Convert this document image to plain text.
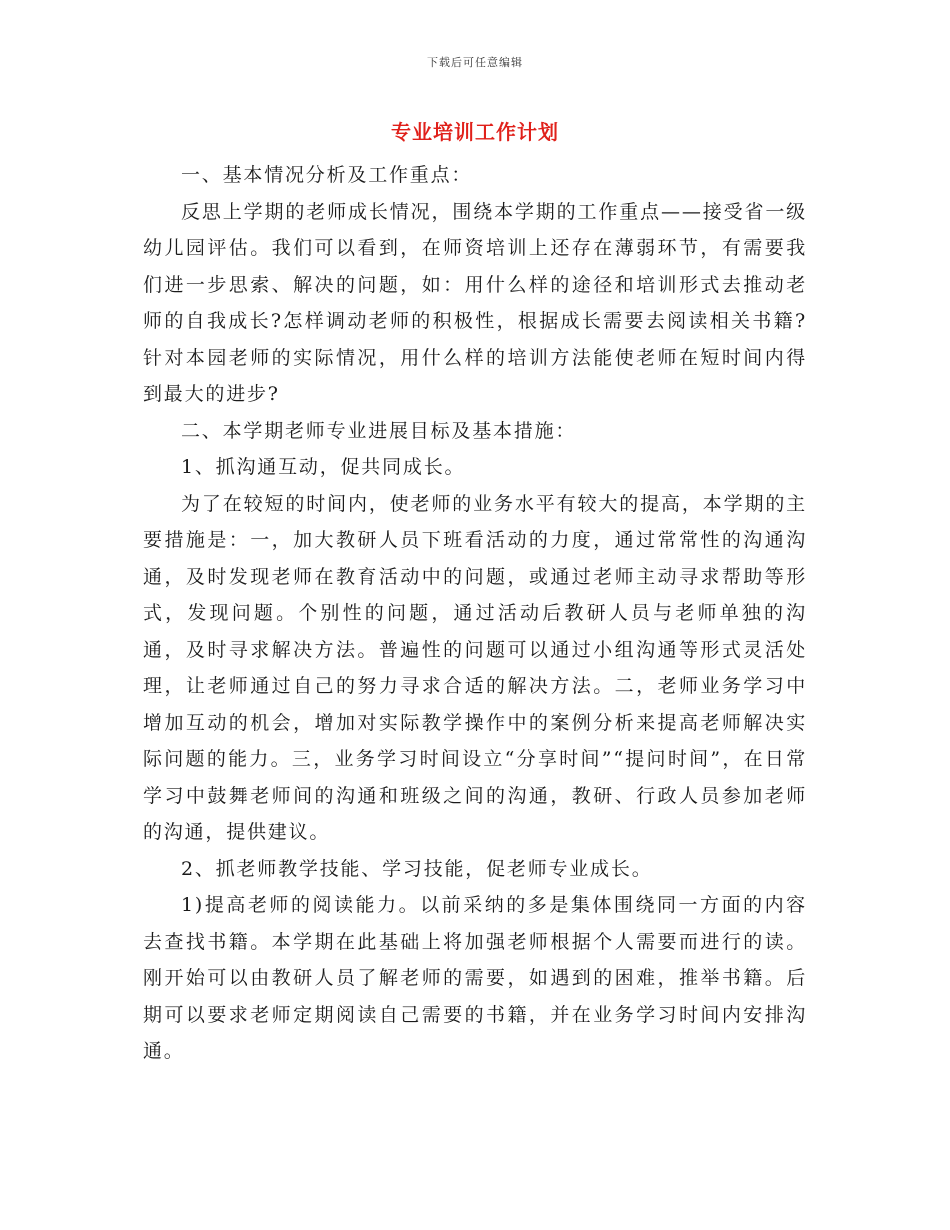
下载后可任意编辑
专业培训工作计划

一、基本情况分析及工作重点：

反思上学期的老师成长情况，围绕本学期的工作重点——接受省一级幼儿园评估。我们可以看到，在师资培训上还存在薄弱环节，有需要我们进一步思索、解决的问题，如：用什么样的途径和培训形式去推动老师的自我成长?怎样调动老师的积极性，根据成长需要去阅读相关书籍?针对本园老师的实际情况，用什么样的培训方法能使老师在短时间内得到最大的进步?

二、本学期老师专业进展目标及基本措施：

1、抓沟通互动，促共同成长。

为了在较短的时间内，使老师的业务水平有较大的提高，本学期的主要措施是：一，加大教研人员下班看活动的力度，通过常常性的沟通沟通，及时发现老师在教育活动中的问题，或通过老师主动寻求帮助等形式，发现问题。个别性的问题，通过活动后教研人员与老师单独的沟通，及时寻求解决方法。普遍性的问题可以通过小组沟通等形式灵活处理，让老师通过自己的努力寻求合适的解决方法。二，老师业务学习中增加互动的机会，增加对实际教学操作中的案例分析来提高老师解决实际问题的能力。三，业务学习时间设立“分享时间”“提问时间”，在日常学习中鼓舞老师间的沟通和班级之间的沟通，教研、行政人员参加老师的沟通，提供建议。

2、抓老师教学技能、学习技能，促老师专业成长。

1)提高老师的阅读能力。以前采纳的多是集体围绕同一方面的内容去查找书籍。本学期在此基础上将加强老师根据个人需要而进行的读。刚开始可以由教研人员了解老师的需要，如遇到的困难，推举书籍。后期可以要求老师定期阅读自己需要的书籍，并在业务学习时间内安排沟通。
